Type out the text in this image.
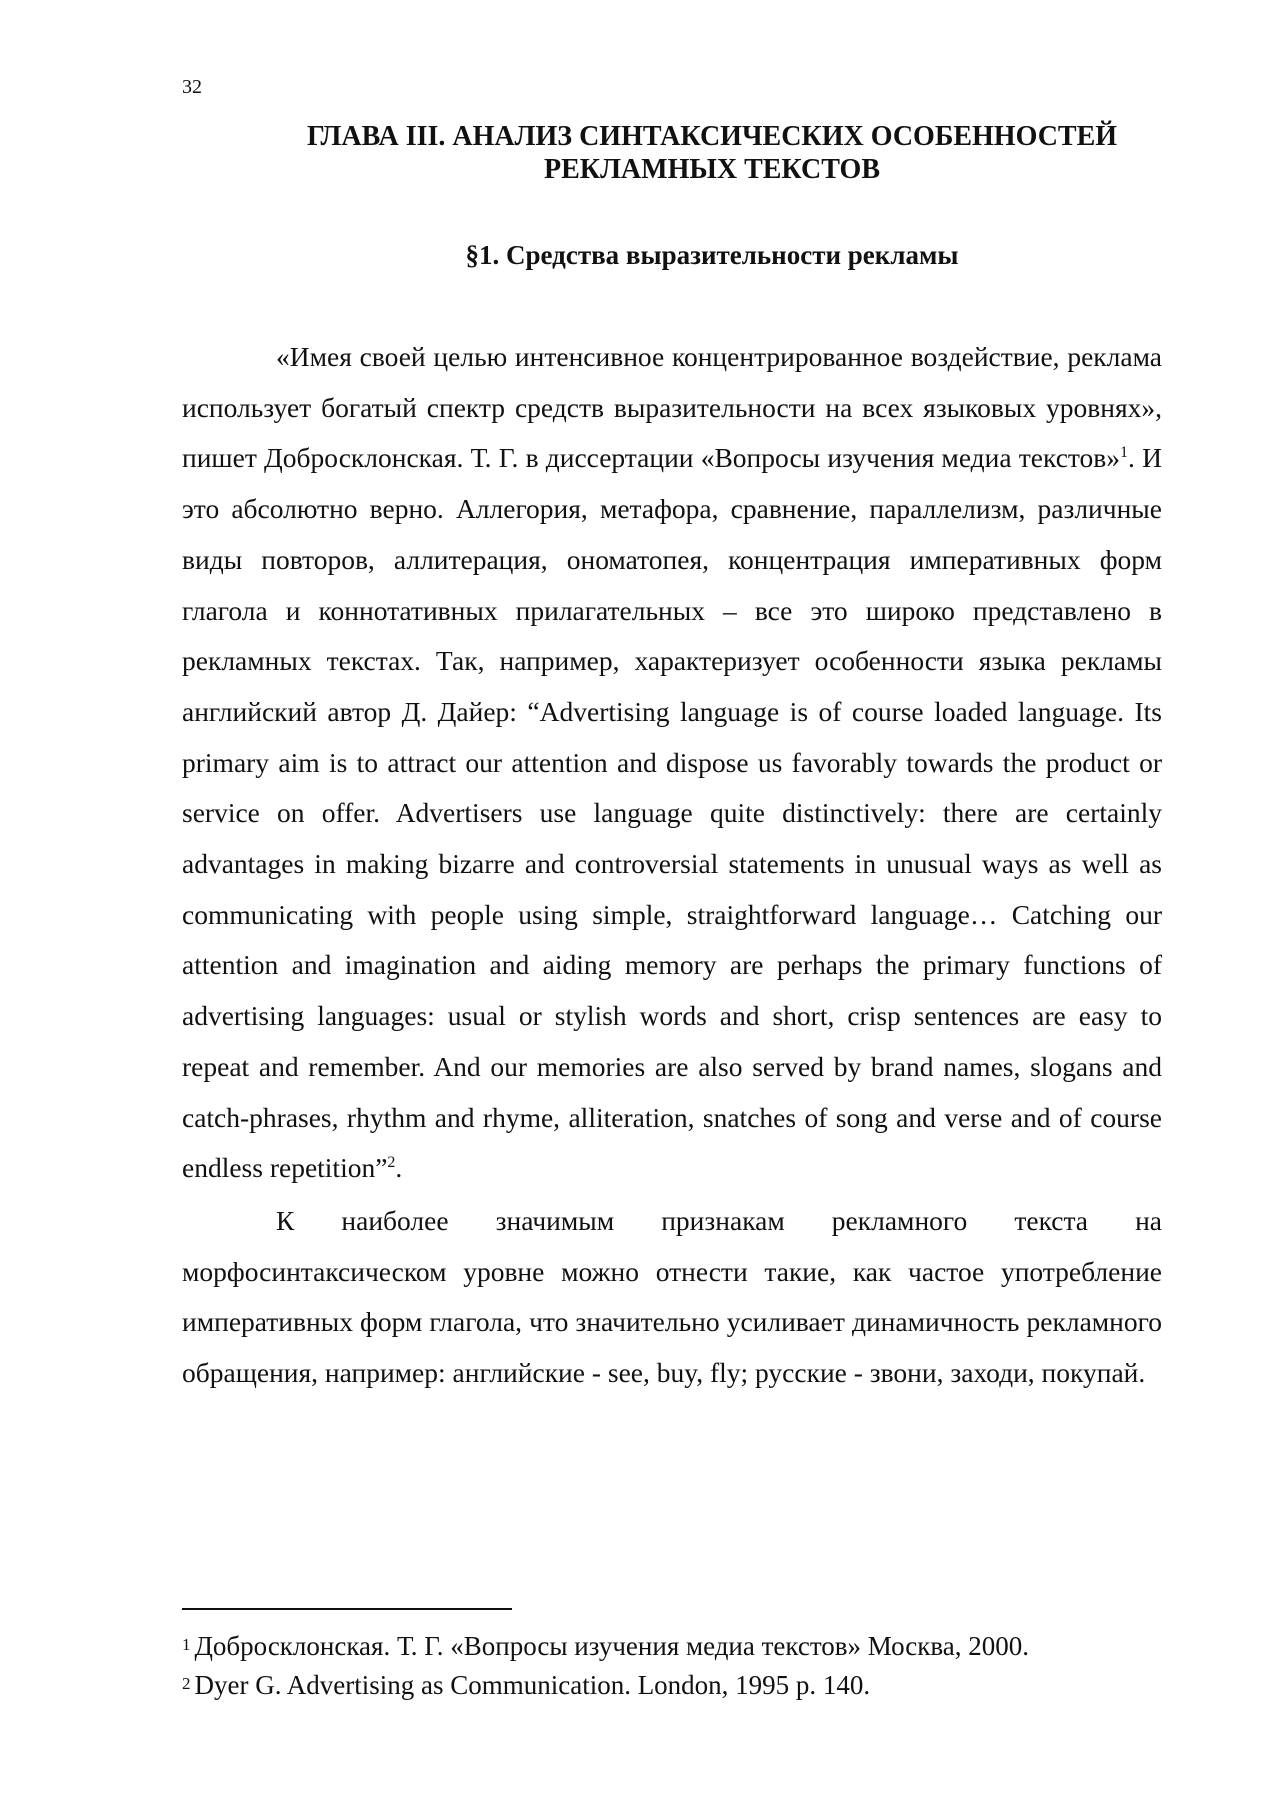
32
ГЛАВА III. АНАЛИЗ СИНТАКСИЧЕСКИХ ОСОБЕННОСТЕЙ
РЕКЛАМНЫХ ТЕКСТОВ
§1. Средства выразительности рекламы

«Имея своей целью интенсивное концентрированное воздействие, реклама использует богатый спектр средств выразительности на всех языковых уровнях», пишет Добросклонская. Т. Г. в диссертации «Вопросы изучения медиа текстов»$^1$. И это абсолютно верно. Аллегория, метафора, сравнение, параллелизм, различные виды повторов, аллитерация, ономатопея, концентрация императивных форм глагола и коннотативных прилагательных – все это широко представлено в рекламных текстах. Так, например, характеризует особенности языка рекламы английский автор Д. Дайер: “Advertising language is of course loaded language. Its primary aim is to attract our attention and dispose us favorably towards the product or service on offer. Advertisers use language quite distinctively: there are certainly advantages in making bizarre and controversial statements in unusual ways as well as communicating with people using simple, straightforward language… Catching our attention and imagination and aiding memory are perhaps the primary functions of advertising languages: usual or stylish words and short, crisp sentences are easy to repeat and remember. And our memories are also served by brand names, slogans and catch-phrases, rhythm and rhyme, alliteration, snatches of song and verse and of course endless repetition”$^2$.

К наиболее значимым признакам рекламного текста на морфосинтаксическом уровне можно отнести такие, как частое употребление императивных форм глагола, что значительно усиливает динамичность рекламного обращения, например: английские - see, buy, fly; русские - звони, заходи, покупай.

1 Добросклонская. Т. Г. «Вопросы изучения медиа текстов» Москва, 2000.
2 Dyer G. Advertising as Communication. London, 1995 p. 140.
